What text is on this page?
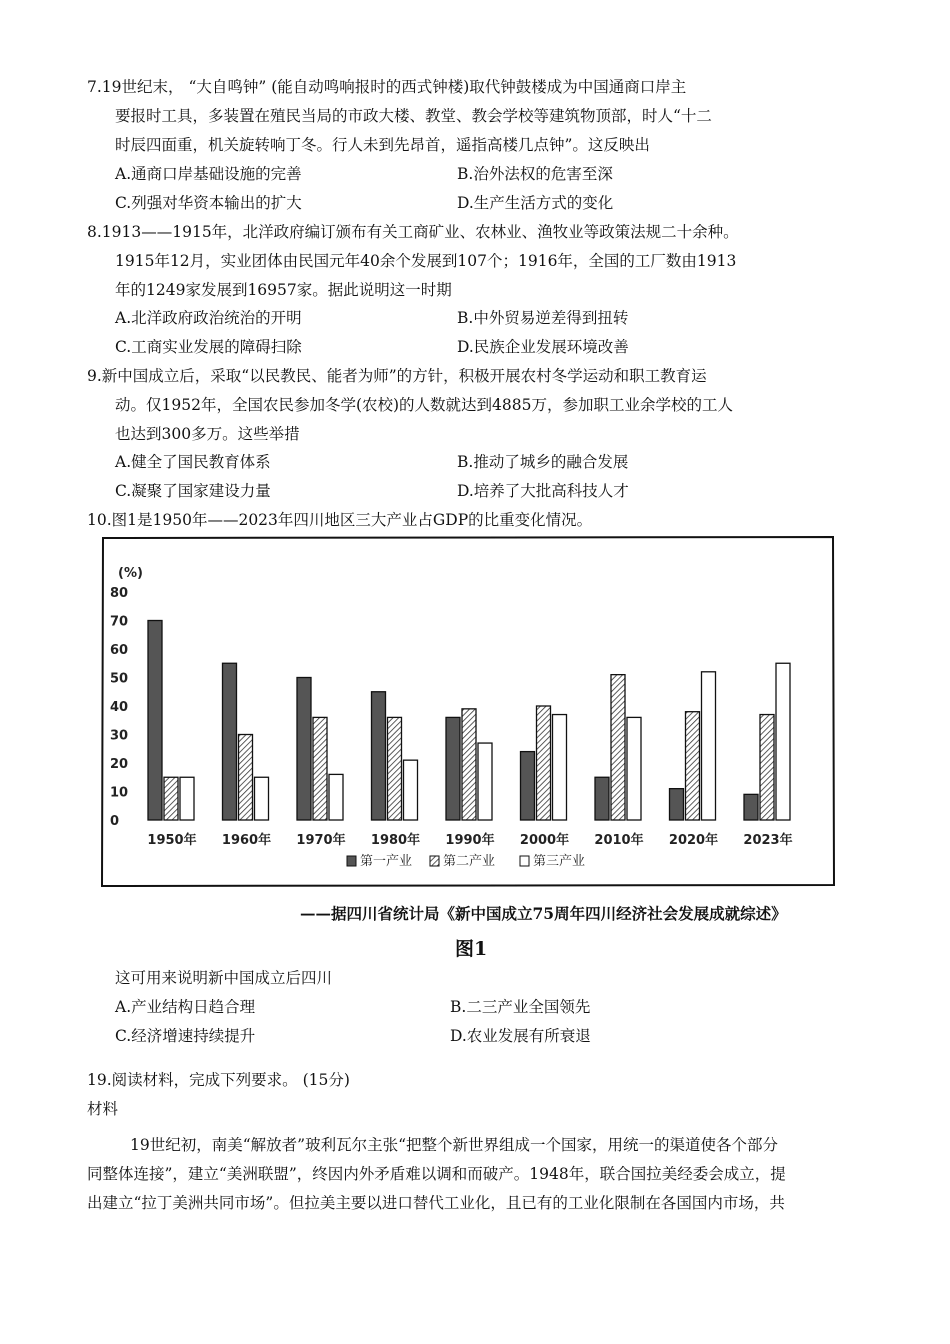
7.19世纪末， “大自鸣钟” (能自动鸣响报时的西式钟楼)取代钟鼓楼成为中国通商口岸主
要报时工具，多装置在殖民当局的市政大楼、教堂、教会学校等建筑物顶部，时人“十二
时辰四面重，机关旋转响丁冬。行人未到先昂首，遥指高楼几点钟”。这反映出
A.通商口岸基础设施的完善	B.治外法权的危害至深
C.列强对华资本输出的扩大	D.生产生活方式的变化
8.1913——1915年，北洋政府编订颁布有关工商矿业、农林业、渔牧业等政策法规二十余种。
1915年12月，实业团体由民国元年40余个发展到107个；1916年，全国的工厂数由1913
年的1249家发展到16957家。据此说明这一时期
A.北洋政府政治统治的开明	B.中外贸易逆差得到扭转
C.工商实业发展的障碍扫除	D.民族企业发展环境改善
9.新中国成立后，采取“以民教民、能者为师”的方针，积极开展农村冬学运动和职工教育运
动。仅1952年，全国农民参加冬学(农校)的人数就达到4885万，参加职工业余学校的工人
也达到300多万。这些举措
A.健全了国民教育体系	B.推动了城乡的融合发展
C.凝聚了国家建设力量	D.培养了大批高科技人才
10.图1是1950年——2023年四川地区三大产业占GDP的比重变化情况。
(%)
80
70
60
50
40
30
20
10
0
1950年 1960年 1970年 1980年 1990年 2000年 2010年 2020年 2023年
第一产业 第二产业	第三产业
——据四川省统计局《新中国成立75周年四川经济社会发展成就综述》
图1
这可用来说明新中国成立后四川
A.产业结构日趋合理	B.二三产业全国领先
C.经济增速持续提升	D.农业发展有所衰退
19.阅读材料，完成下列要求。 (15分)
材料
19世纪初，南美“解放者”玻利瓦尔主张“把整个新世界组成一个国家，用统一的渠道使各个部分
同整体连接”，建立“美洲联盟”，终因内外矛盾难以调和而破产。1948年，联合国拉美经委会成立，提
出建立“拉丁美洲共同市场”。但拉美主要以进口替代工业化，且已有的工业化限制在各国国内市场，共
